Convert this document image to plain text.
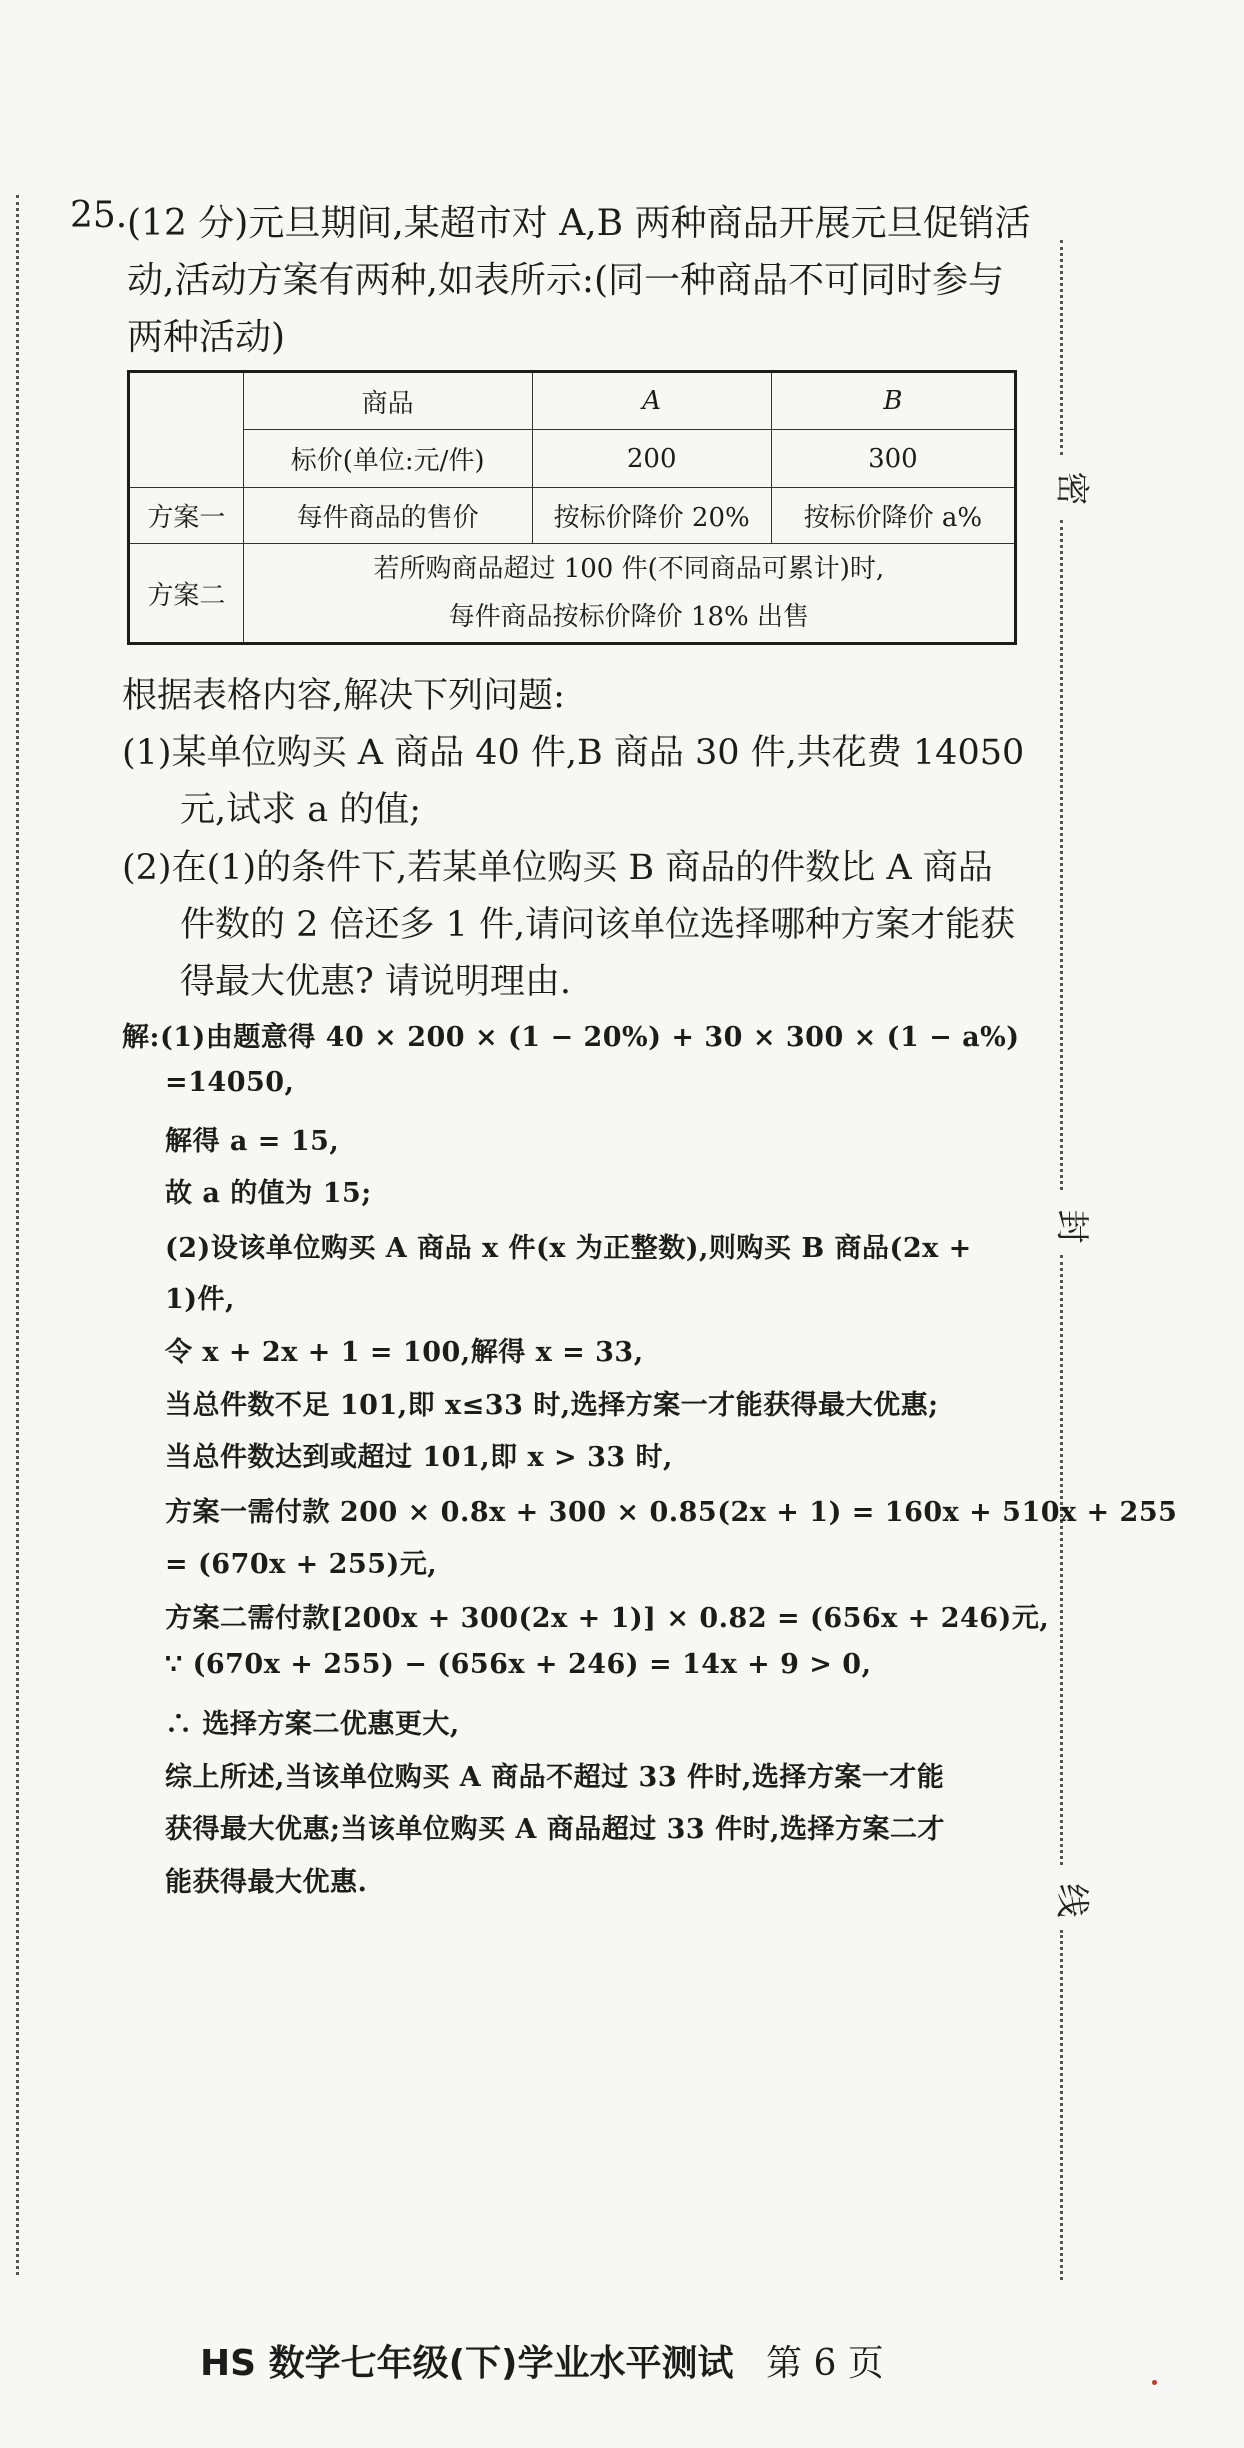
密
封
线
25. (12 分)元旦期间,某超市对 A,B 两种商品开展元旦促销活
动,活动方案有两种,如表所示:(同一种商品不可同时参与
两种活动)
	商品	A	B
	标价(单位:元/件)	200	300
方案一	每件商品的售价	按标价降价 20%	按标价降价 a%
方案二	若所购商品超过 100 件(不同商品可累计)时,
每件商品按标价降价 18% 出售		
根据表格内容,解决下列问题:
(1)某单位购买 A 商品 40 件,B 商品 30 件,共花费 14050
元,试求 a 的值;
(2)在(1)的条件下,若某单位购买 B 商品的件数比 A 商品
件数的 2 倍还多 1 件,请问该单位选择哪种方案才能获
得最大优惠? 请说明理由.
解:(1)由题意得 40 × 200 × (1 − 20%) + 30 × 300 × (1 − a%)
=14050,
解得 a = 15,
故 a 的值为 15;
(2)设该单位购买 A 商品 x 件(x 为正整数),则购买 B 商品(2x +
1)件,
令 x + 2x + 1 = 100,解得 x = 33,
当总件数不足 101,即 x≤33 时,选择方案一才能获得最大优惠;
当总件数达到或超过 101,即 x > 33 时,
方案一需付款 200 × 0.8x + 300 × 0.85(2x + 1) = 160x + 510x + 255
= (670x + 255)元,
方案二需付款[200x + 300(2x + 1)] × 0.82 = (656x + 246)元,
∵ (670x + 255) − (656x + 246) = 14x + 9 > 0,
∴ 选择方案二优惠更大,
综上所述,当该单位购买 A 商品不超过 33 件时,选择方案一才能
获得最大优惠;当该单位购买 A 商品超过 33 件时,选择方案二才
能获得最大优惠.
HS 数学七年级(下)学业水平测试 第 6 页
